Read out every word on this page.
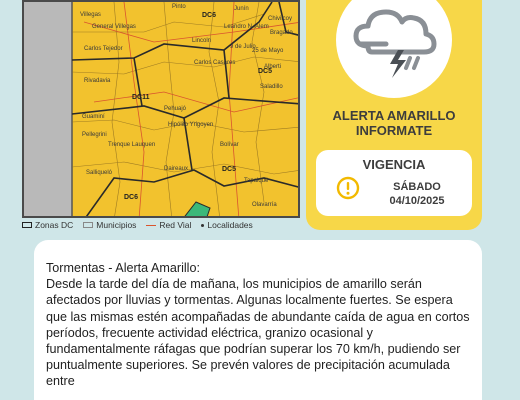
Pinto
Villegas
General Villegas
Carlos Tejedor
Lincoln
25 de Mayo
Carlos Casares
9 de Julio
Rivadavia
Guaminí
Pehuajó
Salliqueló
Pellegrini
Trenque Lauquen	Bolívar
Daireaux
Olavarría
Tapalqué
Saladillo
Alberti
Chivilcoy
Bragado
Junín
Leandro N. Alem
Hipólito Yrigoyen
DC6
DC5
DC11
DC5
DC6
Zonas DC	Municipios	Red Vial Localidades
ALERTA AMARILLO
INFORMATE
VIGENCIA
SÁBADO
04/10/2025

Tormentas - Alerta Amarillo:

Desde la tarde del día de mañana, los municipios de amarillo serán afectados por lluvias y tormentas. Algunas localmente fuertes. Se espera que las mismas estén acompañadas de abundante caída de agua en cortos períodos, frecuente actividad eléctrica, granizo ocasional y fundamentalmente ráfagas que podrían superar los 70 km/h, pudiendo ser puntualmente superiores. Se prevén valores de precipitación acumulada entre
